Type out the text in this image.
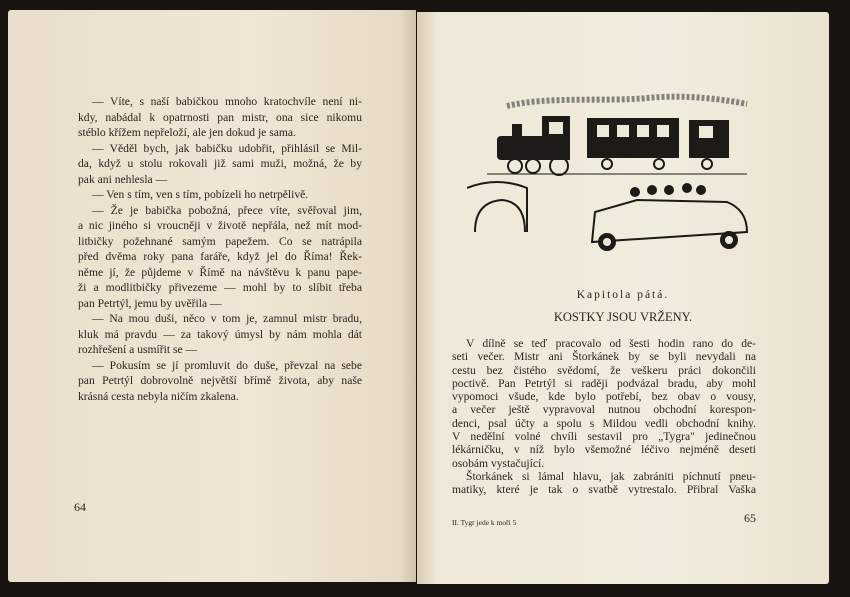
— Víte, s naší babičkou mnoho kratochvíle není ni-
kdy, nabádal k opatrnosti pan mistr, ona sice nikomu
stéblo křížem nepřeloží, ale jen dokud je sama.
— Věděl bych, jak babičku udobřit, přihlásil se Mil-
da, když u stolu rokovali již sami muži, možná, že by
pak ani nehlesla —
— Ven s tím, ven s tím, pobízeli ho netrpělivě.
— Že je babička pobožná, přece víte, svěřoval jim,
a nic jiného si vroucněji v životě nepřála, než mít mod-
litbičky požehnané samým papežem. Co se natrápila
před dvěma roky pana faráře, když jel do Říma! Řek-
něme jí, že půjdeme v Římě na návštěvu k panu pape-
ži a modlitbičky přivezeme — mohl by to slíbit třeba
pan Petrtýl, jemu by uvěřila —
— Na mou duši, něco v tom je, zamnul mistr bradu,
kluk má pravdu — za takový úmysl by nám mohla dát
rozhřešení a usmířit se —
— Pokusím se jí promluvit do duše, převzal na sebe
pan Petrtýl dobrovolně největší břímě života, aby naše
krásná cesta nebyla ničím zkalena.
64
Kapitola pátá.
KOSTKY JSOU VRŽENY.
V dílně se teď pracovalo od šesti hodin rano do de-
seti večer. Mistr ani Štorkánek by se byli nevydali na
cestu bez čistého svědomí, že veškeru práci dokončili
poctivě. Pan Petrtýl si raději podvázal bradu, aby mohl
vypomoci všude, kde bylo potřebí, bez obav o vousy,
a večer ještě vypravoval nutnou obchodní korespon-
denci, psal účty a spolu s Mildou vedli obchodní knihy.
V nedělní volné chvíli sestavil pro „Tygra" jedinečnou
lékárničku, v níž bylo všemožné léčivo nejméně deseti
osobám vystačující.
Štorkánek si lámal hlavu, jak zabrániti píchnutí pneu-
matiky, které je tak o svatbě vytrestalo. Přibral Vaška
II. Tygr jede k moři 5	65
